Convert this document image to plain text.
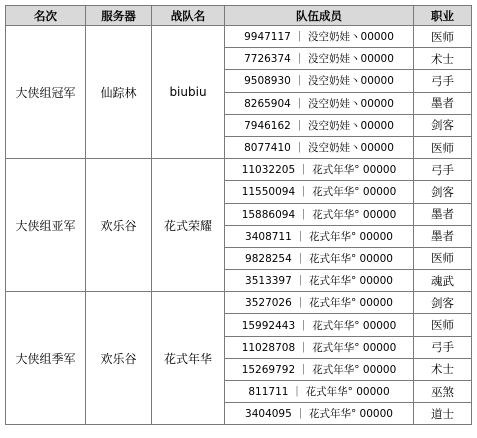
名次	服务器	战队名	队伍成员	职业
大侠组冠军	仙踪林	biubiu	9947117 ｜ 没空奶娃丶00000	医师
			7726374 ｜ 没空奶娃丶00000	术士
			9508930 ｜ 没空奶娃丶00000	弓手
			8265904 ｜ 没空奶娃丶00000	墨者
			7946162 ｜ 没空奶娃丶00000	剑客
			8077410 ｜ 没空奶娃丶00000	医师
大侠组亚军	欢乐谷	花式荣耀	11032205 ｜ 花式年华° 00000	弓手
			11550094 ｜ 花式年华° 00000	剑客
			15886094 ｜ 花式年华° 00000	墨者
			3408711 ｜ 花式年华° 00000	墨者
			9828254 ｜ 花式年华° 00000	医师
			3513397 ｜ 花式年华° 00000	魂武
大侠组季军	欢乐谷	花式年华	3527026 ｜ 花式年华° 00000	剑客
			15992443 ｜ 花式年华° 00000	医师
			11028708 ｜ 花式年华° 00000	弓手
			15269792 ｜ 花式年华° 00000	术士
			811711 ｜ 花式年华° 00000	巫煞
			3404095 ｜ 花式年华° 00000	道士
